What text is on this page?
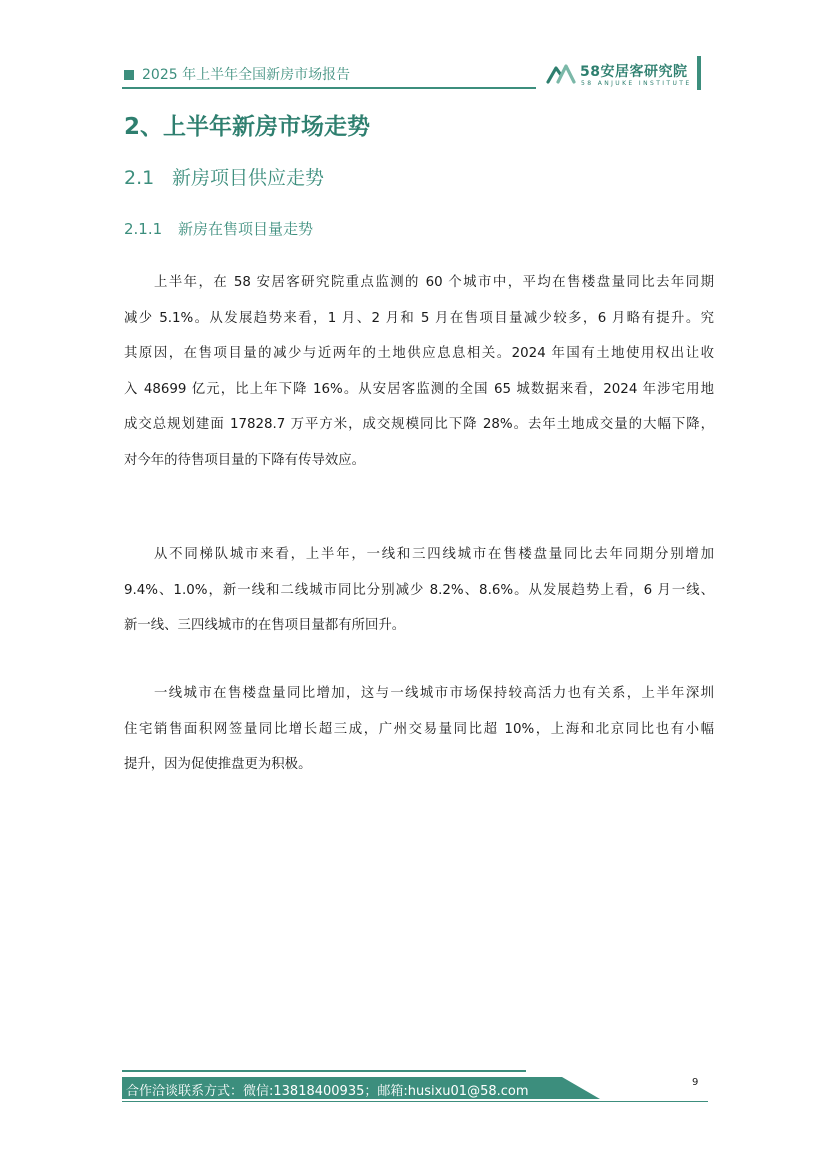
2025 年上半年全国新房市场报告	58安居客研究院
58 ANJUKE INSTITUTE
2、上半年新房市场走势
2.1 新房项目供应走势
2.1.1 新房在售项目量走势
上半年，在 58 安居客研究院重点监测的 60 个城市中，平均在售楼盘量同比去年同期
减少 5.1%。从发展趋势来看，1 月、2 月和 5 月在售项目量减少较多，6 月略有提升。究
其原因，在售项目量的减少与近两年的土地供应息息相关。2024 年国有土地使用权出让收
入 48699 亿元，比上年下降 16%。从安居客监测的全国 65 城数据来看，2024 年涉宅用地
成交总规划建面 17828.7 万平方米，成交规模同比下降 28%。去年土地成交量的大幅下降，
对今年的待售项目量的下降有传导效应。
从不同梯队城市来看，上半年，一线和三四线城市在售楼盘量同比去年同期分别增加
9.4%、1.0%，新一线和二线城市同比分别减少 8.2%、8.6%。从发展趋势上看，6 月一线、
新一线、三四线城市的在售项目量都有所回升。
一线城市在售楼盘量同比增加，这与一线城市市场保持较高活力也有关系，上半年深圳
住宅销售面积网签量同比增长超三成，广州交易量同比超 10%，上海和北京同比也有小幅
提升，因为促使推盘更为积极。
合作洽谈联系方式：微信:13818400935；邮箱:husixu01@58.com
9
